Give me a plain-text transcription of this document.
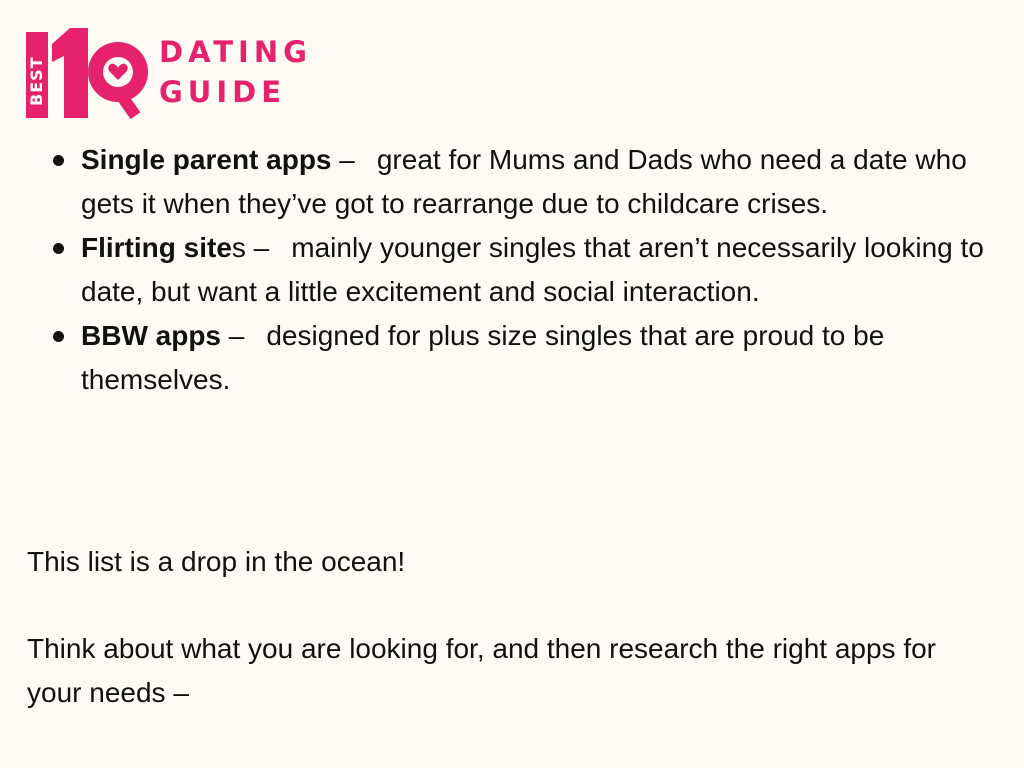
BEST
DATING
GUIDE
Single parent apps – great for Mums and Dads who need a date who gets it when they’ve got to rearrange due to childcare crises.
Flirting sites – mainly younger singles that aren’t necessarily looking to date, but want a little excitement and social interaction.
BBW apps – designed for plus size singles that are proud to be themselves.

This list is a drop in the ocean!

Think about what you are looking for, and then research the right apps for your needs –
